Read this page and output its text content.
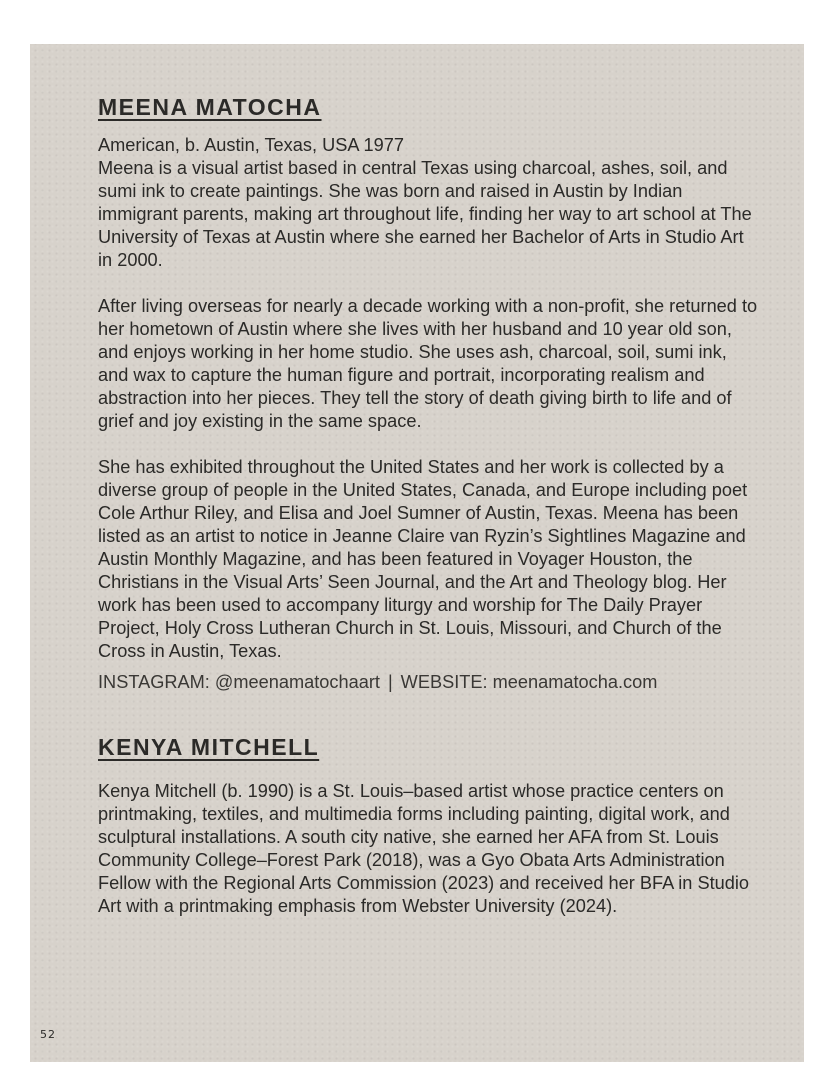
MEENA MATOCHA

American, b. Austin, Texas, USA 1977

Meena is a visual artist based in central Texas using charcoal, ashes, soil, and sumi ink to create paintings. She was born and raised in Austin by Indian immigrant parents, making art throughout life, finding her way to art school at The University of Texas at Austin where she earned her Bachelor of Arts in Studio Art in 2000.

After living overseas for nearly a decade working with a non-profit, she returned to her hometown of Austin where she lives with her husband and 10 year old son, and enjoys working in her home studio. She uses ash, charcoal, soil, sumi ink, and wax to capture the human figure and portrait, incorporating realism and abstraction into her pieces. They tell the story of death giving birth to life and of grief and joy existing in the same space.

She has exhibited throughout the United States and her work is collected by a diverse group of people in the United States, Canada, and Europe including poet Cole Arthur Riley, and Elisa and Joel Sumner of Austin, Texas. Meena has been listed as an artist to notice in Jeanne Claire van Ryzin’s Sightlines Magazine and Austin Monthly Magazine, and has been featured in Voyager Houston, the Christians in the Visual Arts’ Seen Journal, and the Art and Theology blog. Her work has been used to accompany liturgy and worship for The Daily Prayer Project, Holy Cross Lutheran Church in St. Louis, Missouri, and Church of the Cross in Austin, Texas.

INSTAGRAM: @meenamatochaart | WEBSITE: meenamatocha.com

KENYA MITCHELL

Kenya Mitchell (b. 1990) is a St. Louis–based artist whose practice centers on printmaking, textiles, and multimedia forms including painting, digital work, and sculptural installations. A south city native, she earned her AFA from St. Louis Community College–Forest Park (2018), was a Gyo Obata Arts Administration Fellow with the Regional Arts Commission (2023) and received her BFA in Studio Art with a printmaking emphasis from Webster University (2024).

52
